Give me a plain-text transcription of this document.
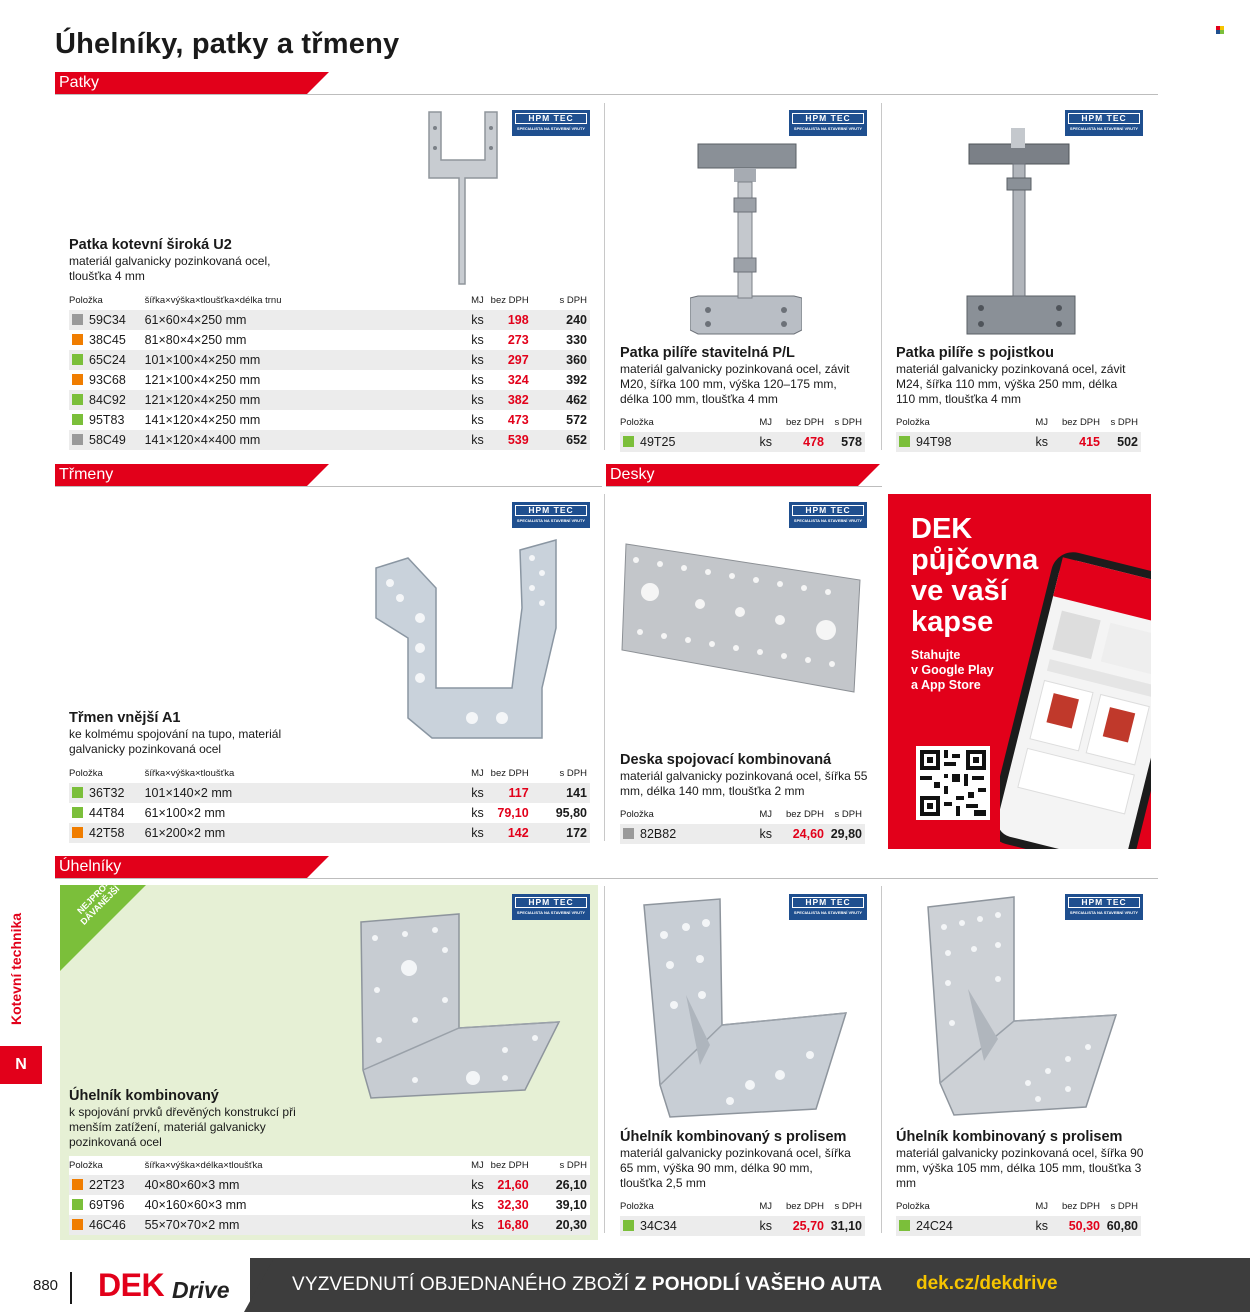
Úhelníky, patky a třmeny
Patky
HPM TEC
SPECIALISTA NA STAVEBNÍ VRUTY
Patka kotevní široká U2
materiál galvanicky pozinkovaná ocel, tloušťka 4 mm
Položka	šířka×výška×tloušťka×délka trnu	MJ	bez DPH	s DPH
59C34	61×60×4×250 mm	ks	198	240
38C45	81×80×4×250 mm	ks	273	330
65C24	101×100×4×250 mm	ks	297	360
93C68	121×100×4×250 mm	ks	324	392
84C92	121×120×4×250 mm	ks	382	462
95T83	141×120×4×250 mm	ks	473	572
58C49	141×120×4×400 mm	ks	539	652
HPM TEC
SPECIALISTA NA STAVEBNÍ VRUTY
Patka pilíře stavitelná P/L
materiál galvanicky pozinkovaná ocel, závit M20, šířka 100 mm, výška 120–175 mm, délka 100 mm, tloušťka 4 mm
Položka	MJ	bez DPH	s DPH
49T25	ks	478	578
HPM TEC
SPECIALISTA NA STAVEBNÍ VRUTY
Patka pilíře s pojistkou
materiál galvanicky pozinkovaná ocel, závit M24, šířka 110 mm, výška 250 mm, délka 110 mm, tloušťka 4 mm
Položka	MJ	bez DPH	s DPH
94T98	ks	415	502
Třmeny
HPM TEC
SPECIALISTA NA STAVEBNÍ VRUTY
Třmen vnější A1
ke kolmému spojování na tupo, materiál galvanicky pozinkovaná ocel
Položka	šířka×výška×tloušťka	MJ	bez DPH	s DPH
36T32	101×140×2 mm	ks	117	141
44T84	61×100×2 mm	ks	79,10	95,80
42T58	61×200×2 mm	ks	142	172
Desky
HPM TEC
SPECIALISTA NA STAVEBNÍ VRUTY
Deska spojovací kombinovaná
materiál galvanicky pozinkovaná ocel, šířka 55 mm, délka 140 mm, tloušťka 2 mm
Položka	MJ	bez DPH	s DPH
82B82	ks	24,60	29,80
DEK
půjčovna
ve vaší
kapse
Stahujte
v Google Play
a App Store
Úhelníky
NEJPRO-DÁVANĚJŠÍ	HPM TEC
SPECIALISTA NA STAVEBNÍ VRUTY
Úhelník kombinovaný
k spojování prvků dřevěných konstrukcí při menším zatížení, materiál galvanicky pozinkovaná ocel
Položka	šířka×výška×délka×tloušťka	MJ	bez DPH	s DPH
22T23	40×80×60×3 mm	ks	21,60	26,10
69T96	40×160×60×3 mm	ks	32,30	39,10
46C46	55×70×70×2 mm	ks	16,80	20,30
HPM TEC
SPECIALISTA NA STAVEBNÍ VRUTY
Úhelník kombinovaný s prolisem
materiál galvanicky pozinkovaná ocel, šířka 65 mm, výška 90 mm, délka 90 mm, tloušťka 2,5 mm
Položka	MJ	bez DPH	s DPH
34C34	ks	25,70	31,10
HPM TEC
SPECIALISTA NA STAVEBNÍ VRUTY
Úhelník kombinovaný s prolisem
materiál galvanicky pozinkovaná ocel, šířka 90 mm, výška 105 mm, délka 105 mm, tloušťka 3 mm
Položka	MJ	bez DPH	s DPH
24C24	ks	50,30	60,80
Kotevní technika
N
880 DEK Drive	VYZVEDNUTÍ OBJEDNANÉHO ZBOŽÍ Z POHODLÍ VAŠEHO AUTA dek.cz/dekdrive
